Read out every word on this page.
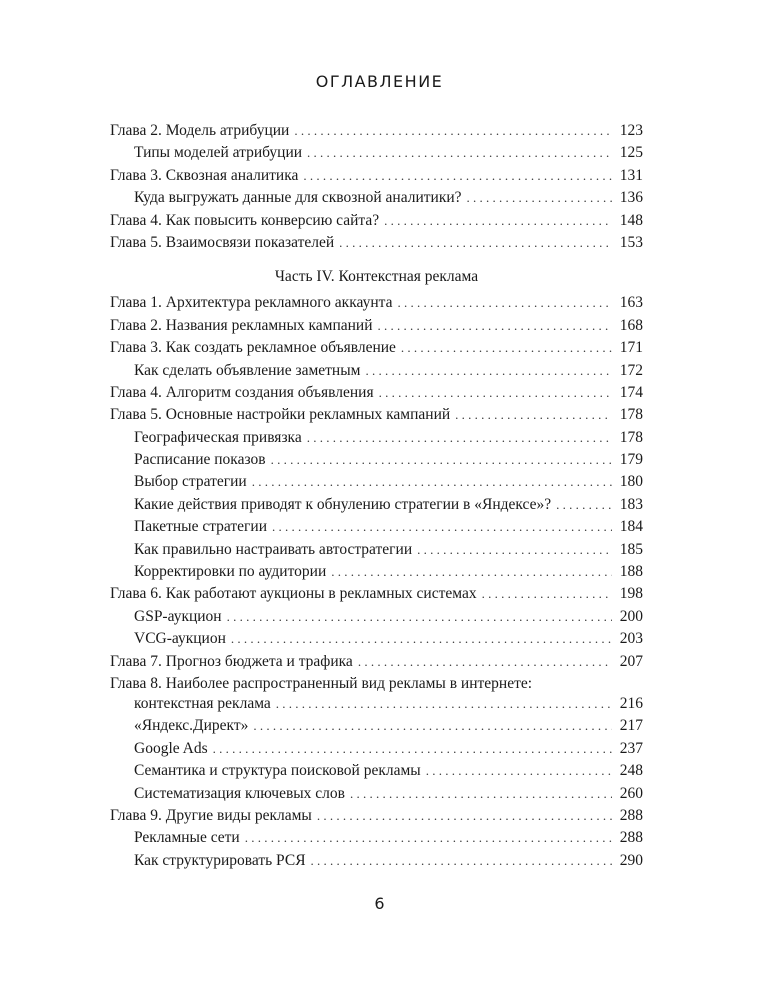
ОГЛАВЛЕНИЕ
Глава 2. Модель атрибуции . . .	123
Типы моделей атрибуции . . .	125
Глава 3. Сквозная аналитика . . .	131
Куда выгружать данные для сквозной аналитики? . . .	136
Глава 4. Как повысить конверсию сайта? . . .	148
Глава 5. Взаимосвязи показателей . . .	153
Часть IV. Контекстная реклама
Глава 1. Архитектура рекламного аккаунта . . .	163
Глава 2. Названия рекламных кампаний . . .	168
Глава 3. Как создать рекламное объявление . . .	171
Как сделать объявление заметным . . .	172
Глава 4. Алгоритм создания объявления . . .	174
Глава 5. Основные настройки рекламных кампаний . . .	178
Географическая привязка . . .	178
Расписание показов . . .	179
Выбор стратегии . . .	180
Какие действия приводят к обнулению стратегии в «Яндексе»? . . .	183
Пакетные стратегии . . .	184
Как правильно настраивать автостратегии . . .	185
Корректировки по аудитории . . .	188
Глава 6. Как работают аукционы в рекламных системах . . .	198
GSP-аукцион . . .	200
VCG-аукцион . . .	203
Глава 7. Прогноз бюджета и трафика . . .	207
Глава 8. Наиболее распространенный вид рекламы в интернете:
контекстная реклама . . .	216
«Яндекс.Директ» . . .	217
Google Ads . . .	237
Семантика и структура поисковой рекламы . . .	248
Систематизация ключевых слов . . .	260
Глава 9. Другие виды рекламы . . .	288
Рекламные сети . . .	288
Как структурировать РСЯ . . .	290
6
